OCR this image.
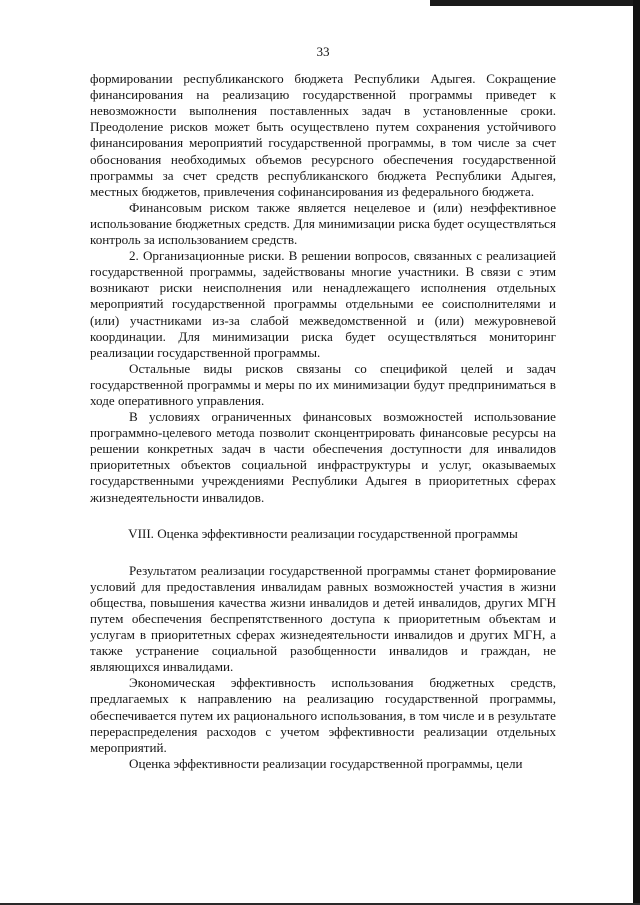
33

формировании республиканского бюджета Республики Адыгея. Сокращение финансирования на реализацию государственной программы приведет к невозможности выполнения поставленных задач в установленные сроки. Преодоление рисков может быть осуществлено путем сохранения устойчивого финансирования мероприятий государственной программы, в том числе за счет обоснования необходимых объемов ресурсного обеспечения государственной программы за счет средств республиканского бюджета Республики Адыгея, местных бюджетов, привлечения софинансирования из федерального бюджета.

Финансовым риском также является нецелевое и (или) неэффективное использование бюджетных средств. Для минимизации риска будет осуществляться контроль за использованием средств.

2. Организационные риски. В решении вопросов, связанных с реализацией государственной программы, задействованы многие участники. В связи с этим возникают риски неисполнения или ненадлежащего исполнения отдельных мероприятий государственной программы отдельными ее соисполнителями и (или) участниками из-за слабой межведомственной и (или) межуровневой координации. Для минимизации риска будет осуществляться мониторинг реализации государственной программы.

Остальные виды рисков связаны со спецификой целей и задач государственной программы и меры по их минимизации будут предприниматься в ходе оперативного управления.

В условиях ограниченных финансовых возможностей использование программно-целевого метода позволит сконцентрировать финансовые ресурсы на решении конкретных задач в части обеспечения доступности для инвалидов приоритетных объектов социальной инфраструктуры и услуг, оказываемых государственными учреждениями Республики Адыгея в приоритетных сферах жизнедеятельности инвалидов.

VIII. Оценка эффективности реализации государственной программы

Результатом реализации государственной программы станет формирование условий для предоставления инвалидам равных возможностей участия в жизни общества, повышения качества жизни инвалидов и детей инвалидов, других МГН путем обеспечения беспрепятственного доступа к приоритетным объектам и услугам в приоритетных сферах жизнедеятельности инвалидов и других МГН, а также устранение социальной разобщенности инвалидов и граждан, не являющихся инвалидами.

Экономическая эффективность использования бюджетных средств, предлагаемых к направлению на реализацию государственной программы, обеспечивается путем их рационального использования, в том числе и в результате перераспределения расходов с учетом эффективности реализации отдельных мероприятий.

Оценка эффективности реализации государственной программы, цели
